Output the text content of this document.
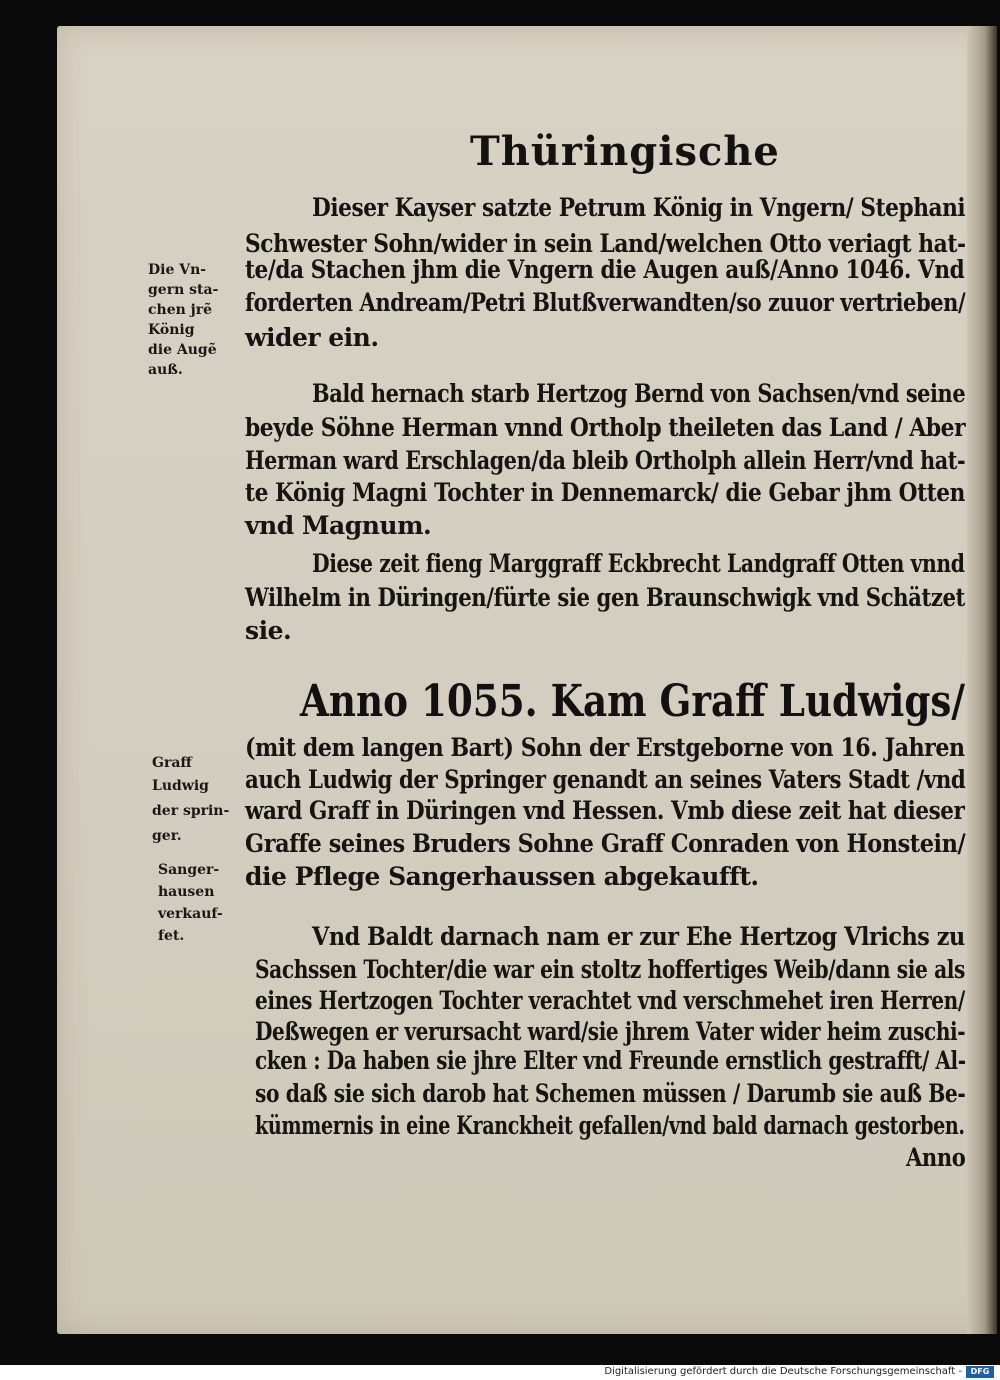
Thüringische
Dieser Kayser satzte Petrum König in Vngern/ Stephani
Schwester Sohn/wider in sein Land/welchen Otto veriagt hat-
te/da Stachen jhm die Vngern die Augen auß/Anno 1046. Vnd
forderten Andream/Petri Blutßverwandten/so zuuor vertrieben/
wider ein.
Die Vn-
gern sta-
chen jrẽ
König
die Augẽ
auß.
Bald hernach starb Hertzog Bernd von Sachsen/vnd seine
beyde Söhne Herman vnnd Ortholp theileten das Land / Aber
Herman ward Erschlagen/da bleib Ortholph allein Herr/vnd hat-
te König Magni Tochter in Dennemarck/ die Gebar jhm Otten
vnd Magnum.
Diese zeit fieng Marggraff Eckbrecht Landgraff Otten vnnd
Wilhelm in Düringen/fürte sie gen Braunschwigk vnd Schätzet
sie.
Anno 1055. Kam Graff Ludwigs/
(mit dem langen Bart) Sohn der Erstgeborne von 16. Jahren
auch Ludwig der Springer genandt an seines Vaters Stadt /vnd
ward Graff in Düringen vnd Hessen. Vmb diese zeit hat dieser
Graffe seines Bruders Sohne Graff Conraden von Honstein/
die Pflege Sangerhaussen abgekaufft.
Graff
Ludwig
der sprin-
ger.
Sanger-
hausen
verkauf-
fet.	Vnd Baldt darnach nam er zur Ehe Hertzog Vlrichs zu
Sachssen Tochter/die war ein stoltz hoffertiges Weib/dann sie als
eines Hertzogen Tochter verachtet vnd verschmehet iren Herren/
Deßwegen er verursacht ward/sie jhrem Vater wider heim zuschi-
cken : Da haben sie jhre Elter vnd Freunde ernstlich gestrafft/ Al-
so daß sie sich darob hat Schemen müssen / Darumb sie auß Be-
kümmernis in eine Kranckheit gefallen/vnd bald darnach gestorben.
Anno
Digitalisierung gefördert durch die Deutsche Forschungsgemeinschaft -	DFG
